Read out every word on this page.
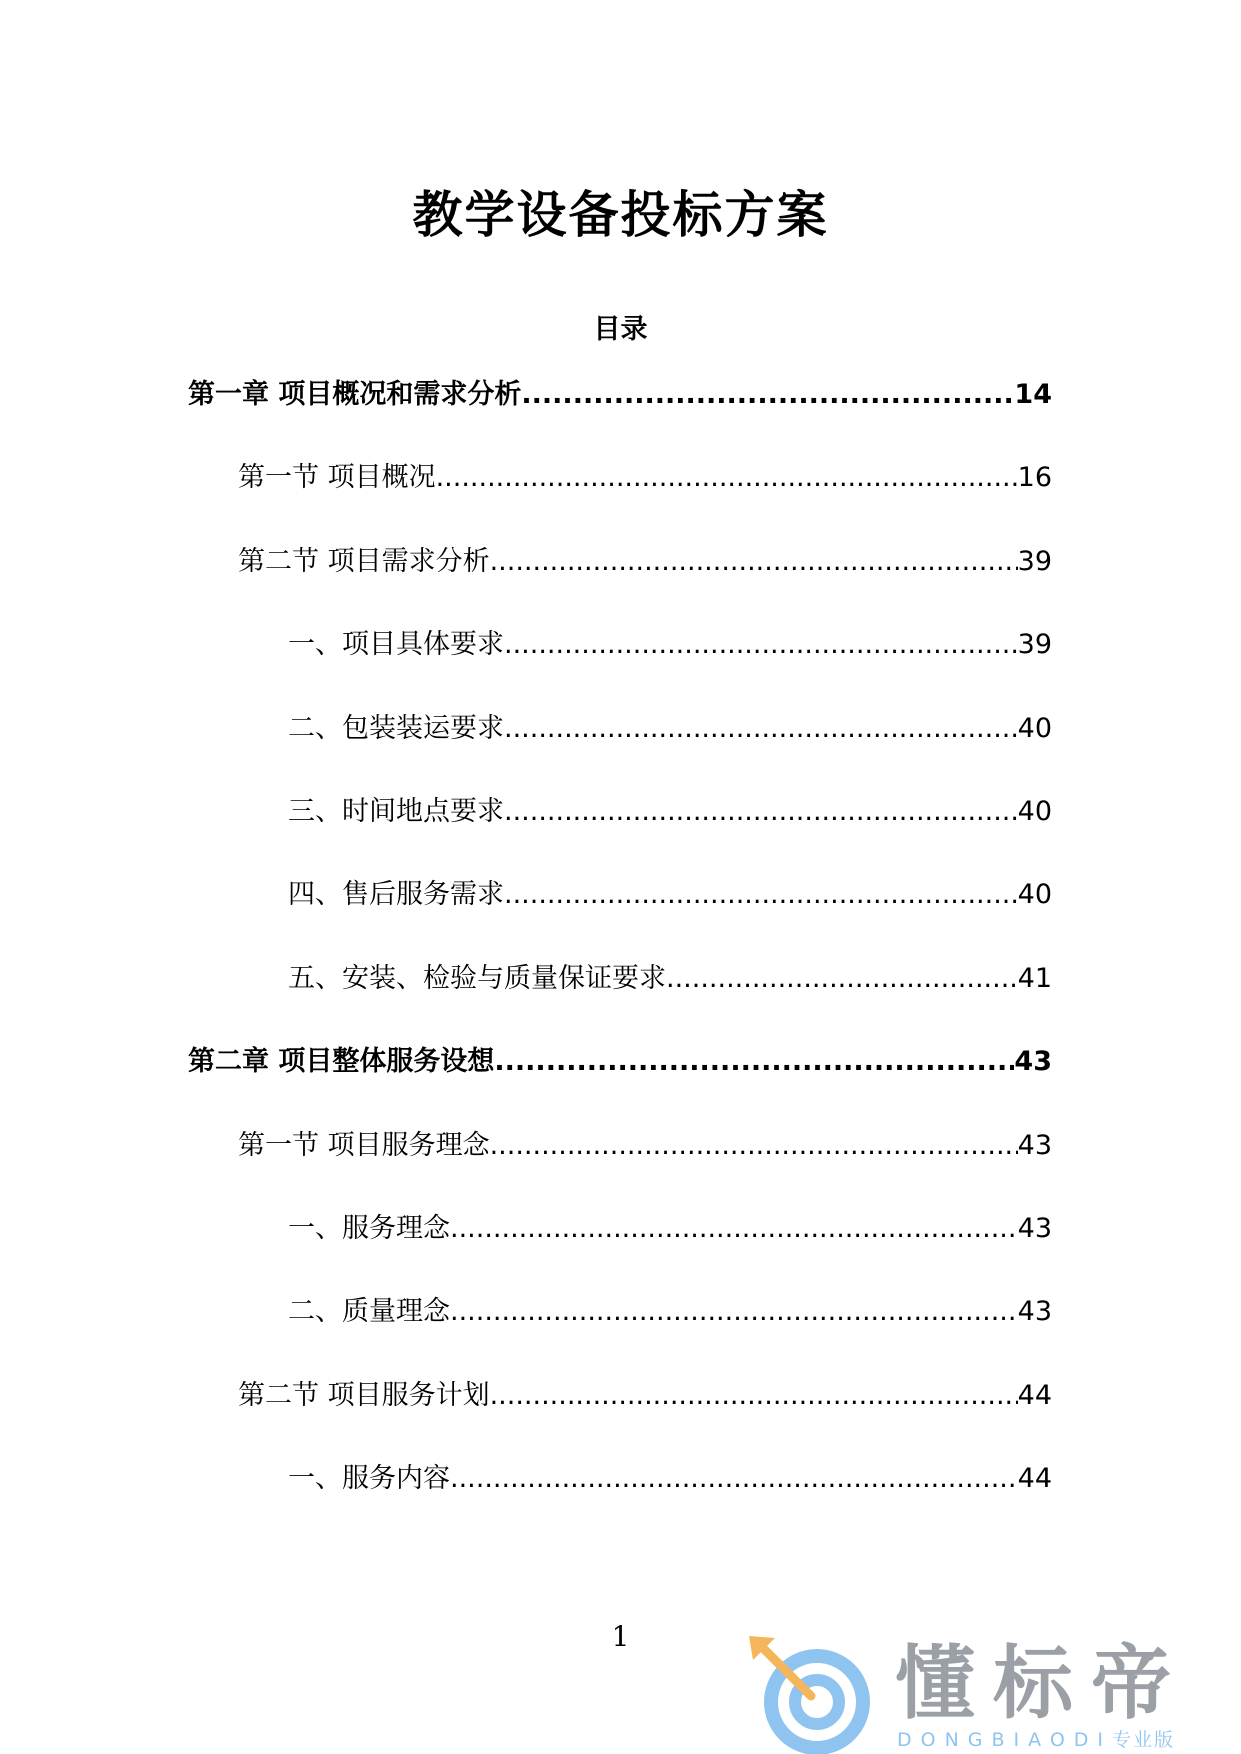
教学设备投标方案
目录
第一章 项目概况和需求分析 .....	14
第一节 项目概况 .....	16
第二节 项目需求分析 .....	39
一、项目具体要求 .....	39
二、包装装运要求 .....	40
三、时间地点要求 .....	40
四、售后服务需求 .....	40
五、安装、检验与质量保证要求 .....	41
第二章 项目整体服务设想 .....	43
第一节 项目服务理念 .....	43
一、服务理念 .....	43
二、质量理念 .....	43
第二节 项目服务计划 .....	44
一、服务内容 .....	44
1
懂标帝
DONGBIAODI专业版
